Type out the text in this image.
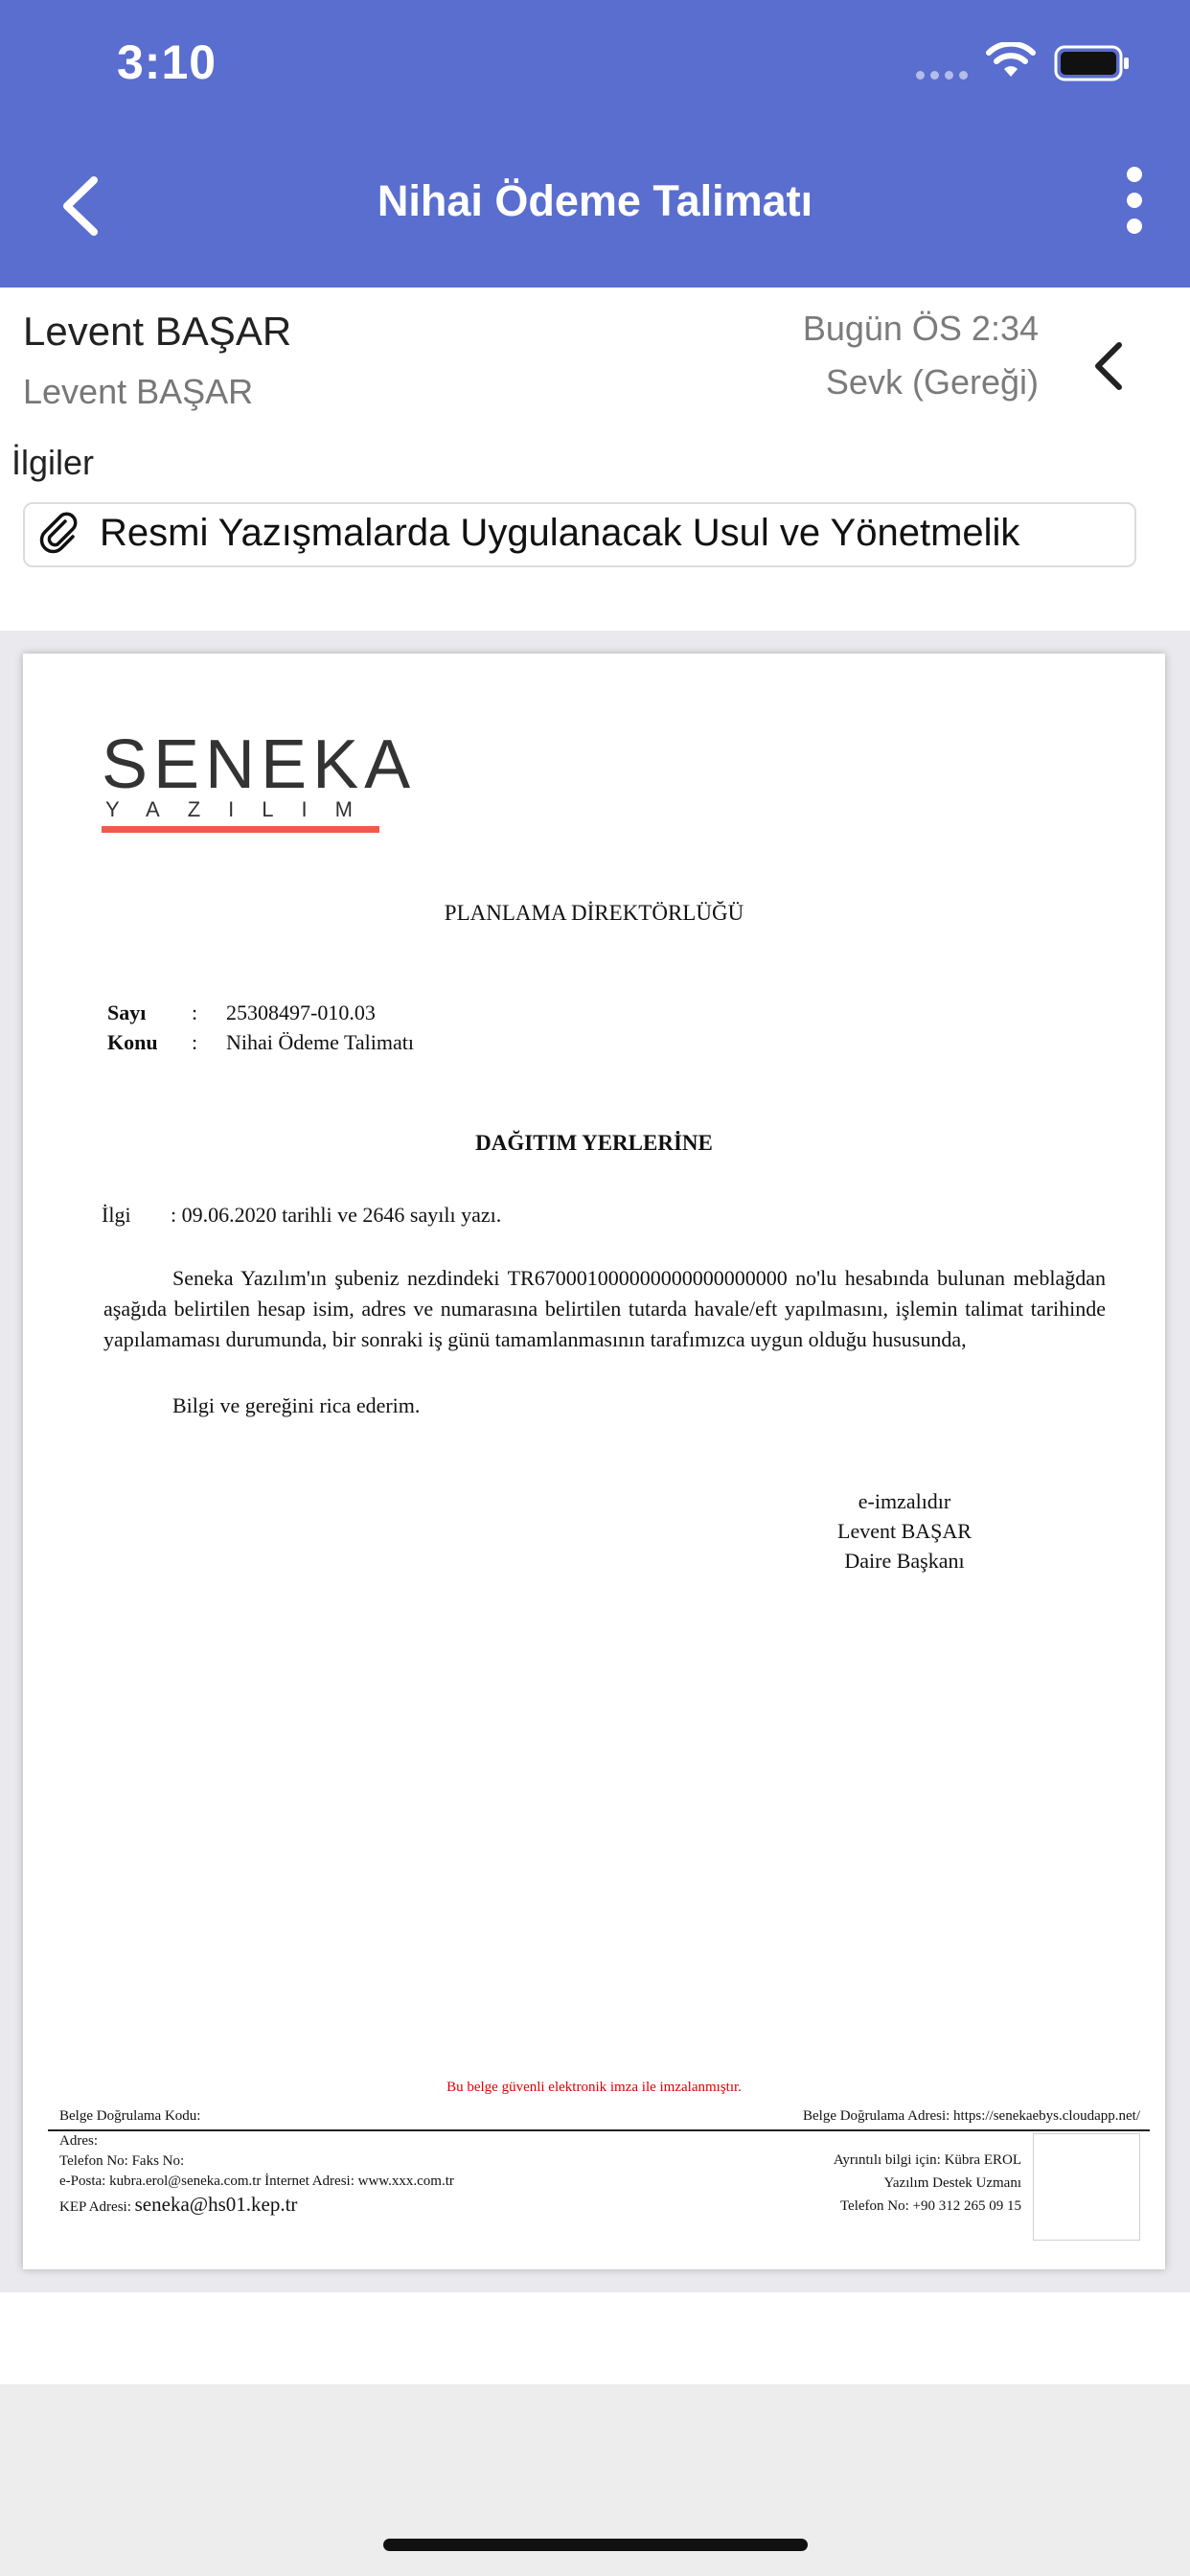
3:10
Nihai Ödeme Talimatı
Levent BAŞAR
Levent BAŞAR
Bugün ÖS 2:34
Sevk (Gereği)
İlgiler
Resmi Yazışmalarda Uygulanacak Usul ve Yönetmelik
SENEKA
YAZILIM
PLANLAMA DİREKTÖRLÜĞÜ
Sayı : 25308497-010.03
Konu : Nihai Ödeme Talimatı
DAĞITIM YERLERİNE
İlgi : 09.06.2020 tarihli ve 2646 sayılı yazı.
Seneka Yazılım'ın şubeniz nezdindeki TR670001000000000000000000 no'lu hesabında bulunan meblağdan aşağıda belirtilen hesap isim, adres ve numarasına belirtilen tutarda havale/eft yapılmasını, işlemin talimat tarihinde yapılamaması durumunda, bir sonraki iş günü tamamlanmasının tarafımızca uygun olduğu hususunda,
Bilgi ve gereğini rica ederim.
e-imzalıdır
Levent BAŞAR
Daire Başkanı
Bu belge güvenli elektronik imza ile imzalanmıştır.
Belge Doğrulama Kodu:	Belge Doğrulama Adresi: https://senekaebys.cloudapp.net/
Adres:
Telefon No: Faks No:
e-Posta: kubra.erol@seneka.com.tr İnternet Adresi: www.xxx.com.tr
KEP Adresi: seneka@hs01.kep.tr
Ayrıntılı bilgi için: Kübra EROL
Yazılım Destek Uzmanı
Telefon No: +90 312 265 09 15
